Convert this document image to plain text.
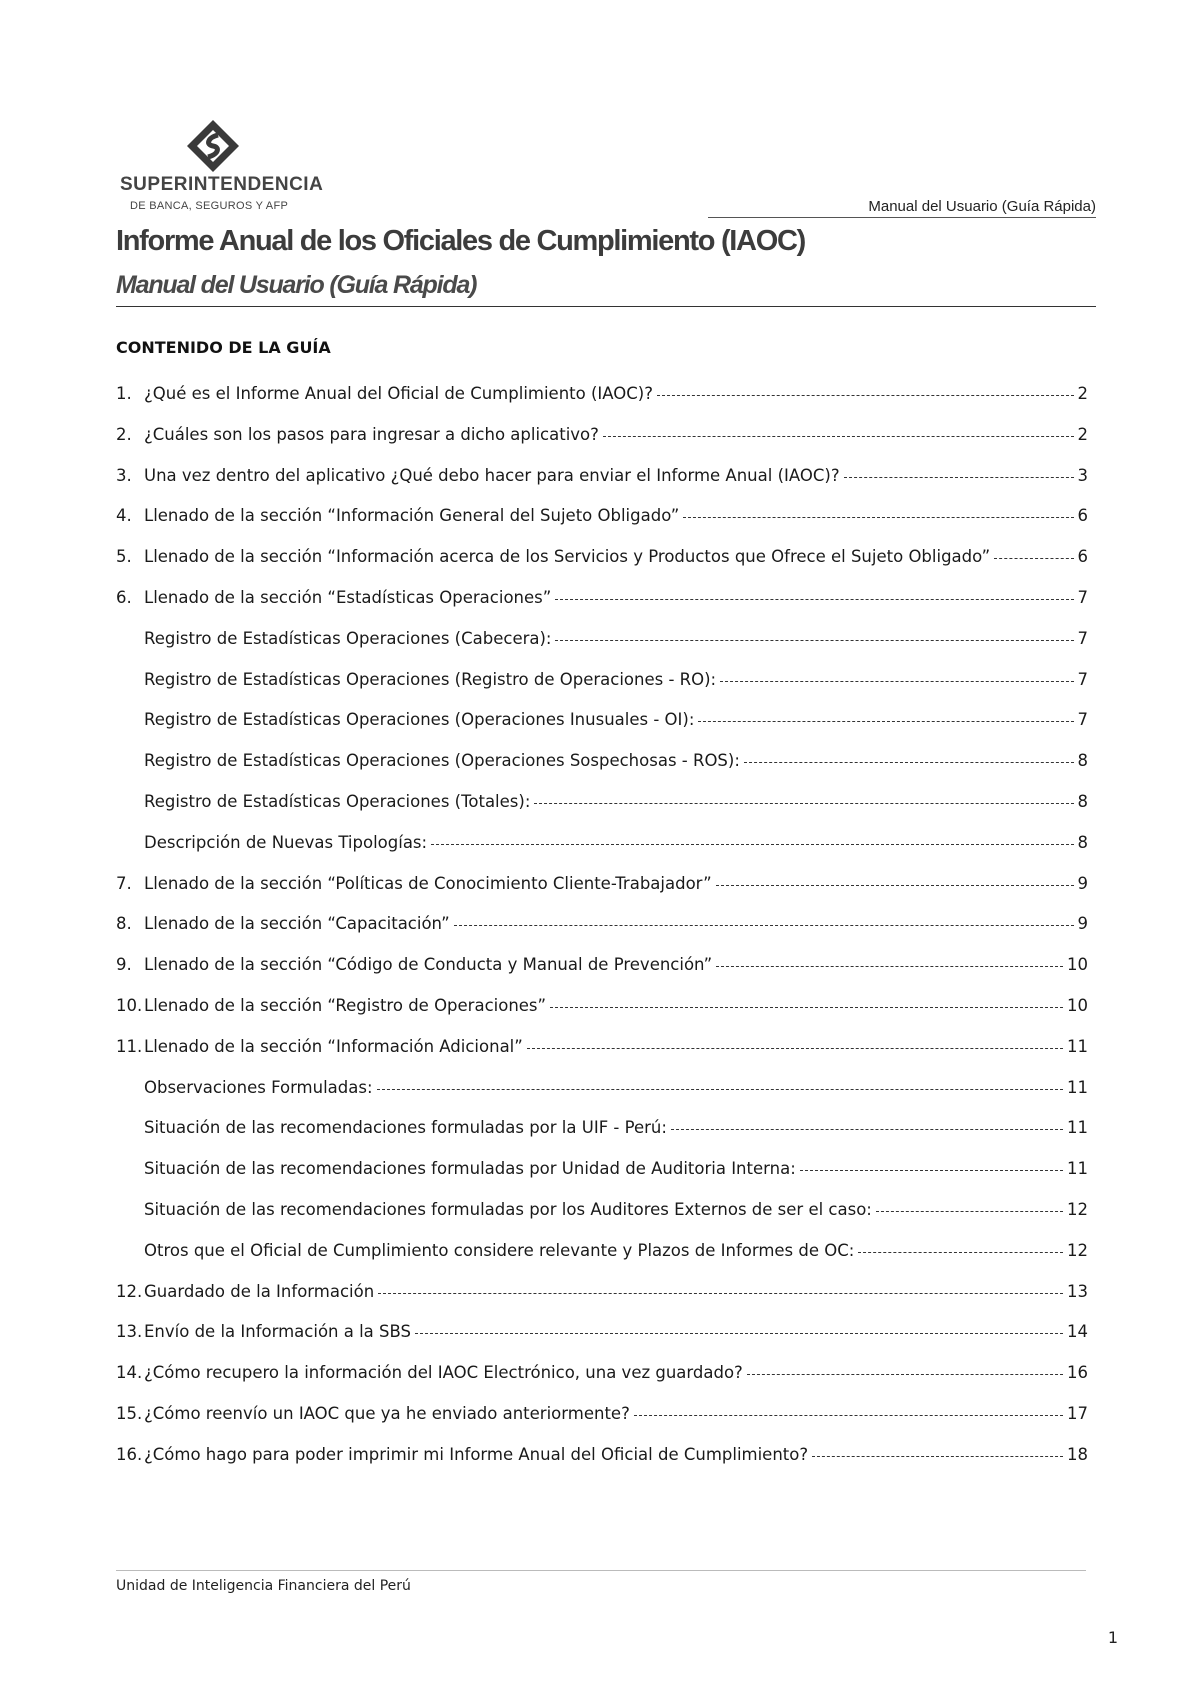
SUPERINTENDENCIA
DE BANCA, SEGUROS Y AFP	Manual del Usuario (Guía Rápida)
Informe Anual de los Oficiales de Cumplimiento (IAOC)
Manual del Usuario (Guía Rápida)
CONTENIDO DE LA GUÍA
1. ¿Qué es el Informe Anual del Oficial de Cumplimiento (IAOC)?	2
2. ¿Cuáles son los pasos para ingresar a dicho aplicativo?	2
3. Una vez dentro del aplicativo ¿Qué debo hacer para enviar el Informe Anual (IAOC)?	3
4. Llenado de la sección “Información General del Sujeto Obligado”	6
5. Llenado de la sección “Información acerca de los Servicios y Productos que Ofrece el Sujeto Obligado”	6
6. Llenado de la sección “Estadísticas Operaciones”	7
Registro de Estadísticas Operaciones (Cabecera):	7
Registro de Estadísticas Operaciones (Registro de Operaciones - RO):	7
Registro de Estadísticas Operaciones (Operaciones Inusuales - OI):	7
Registro de Estadísticas Operaciones (Operaciones Sospechosas - ROS):	8
Registro de Estadísticas Operaciones (Totales):	8
Descripción de Nuevas Tipologías:	8
7. Llenado de la sección “Políticas de Conocimiento Cliente-Trabajador”	9
8. Llenado de la sección “Capacitación”	9
9. Llenado de la sección “Código de Conducta y Manual de Prevención”	10
10. Llenado de la sección “Registro de Operaciones”	10
11. Llenado de la sección “Información Adicional”	11
Observaciones Formuladas:	11
Situación de las recomendaciones formuladas por la UIF - Perú:	11
Situación de las recomendaciones formuladas por Unidad de Auditoria Interna:	11
Situación de las recomendaciones formuladas por los Auditores Externos de ser el caso:	12
Otros que el Oficial de Cumplimiento considere relevante y Plazos de Informes de OC:	12
12. Guardado de la Información	13
13. Envío de la Información a la SBS	14
14. ¿Cómo recupero la información del IAOC Electrónico, una vez guardado?	16
15. ¿Cómo reenvío un IAOC que ya he enviado anteriormente?	17
16. ¿Cómo hago para poder imprimir mi Informe Anual del Oficial de Cumplimiento?	18
Unidad de Inteligencia Financiera del Perú
1
